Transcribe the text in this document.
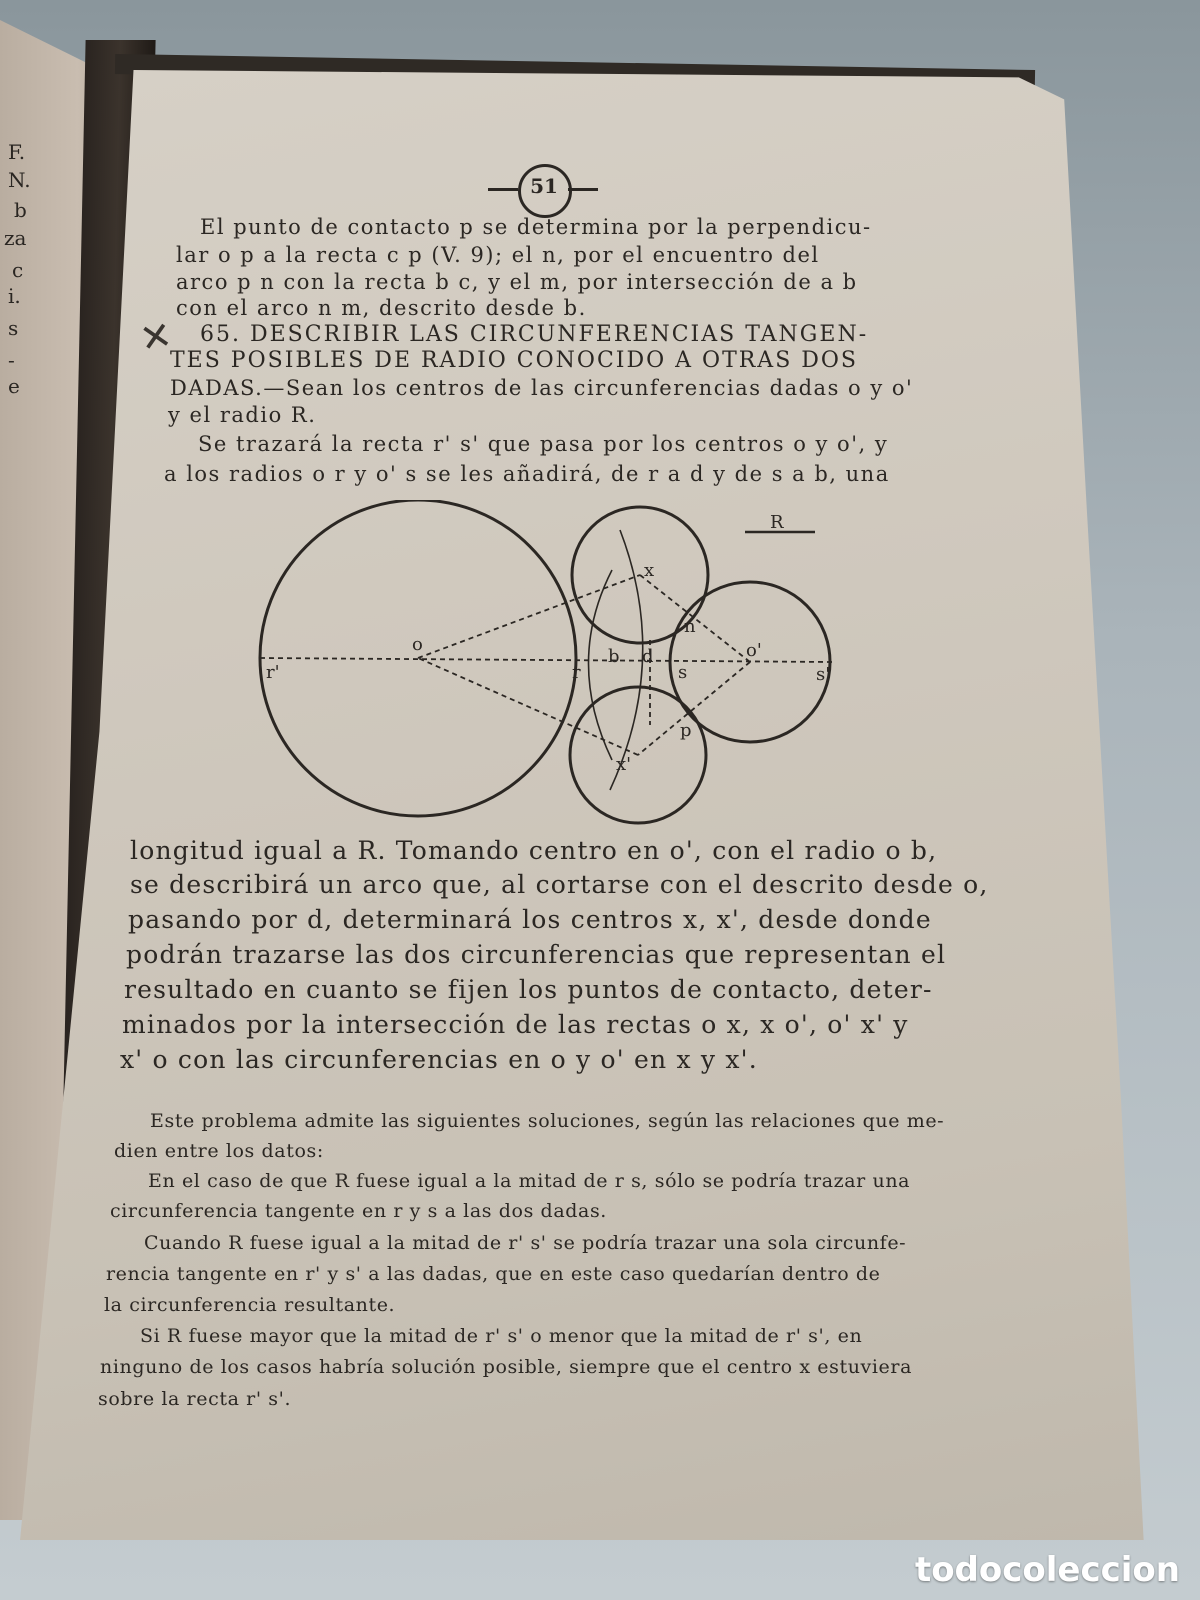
F.
N.
b
za
c
i.
s
-
e
51
El punto de contacto p se determina por la perpendicu-
lar o p a la recta c p (V. 9); el n, por el encuentro del
arco p n con la recta b c, y el m, por intersección de a b
con el arco n m, descrito desde b.
✕ 65. DESCRIBIR LAS CIRCUNFERENCIAS TANGEN-
TES POSIBLES DE RADIO CONOCIDO A OTRAS DOS
DADAS.—Sean los centros de las circunferencias dadas o y o'
y el radio R.
Se trazará la recta r' s' que pasa por los centros o y o', y
a los radios o r y o' s se les añadirá, de r a d y de s a b, una
R
o	o'
r'	r
b d
s	s'
x
x'
n
p
longitud igual a R. Tomando centro en o', con el radio o b,
se describirá un arco que, al cortarse con el descrito desde o,
pasando por d, determinará los centros x, x', desde donde
podrán trazarse las dos circunferencias que representan el
resultado en cuanto se fijen los puntos de contacto, deter-
minados por la intersección de las rectas o x, x o', o' x' y
x' o con las circunferencias en o y o' en x y x'.
Este problema admite las siguientes soluciones, según las relaciones que me-
dien entre los datos:
En el caso de que R fuese igual a la mitad de r s, sólo se podría trazar una
circunferencia tangente en r y s a las dos dadas.
Cuando R fuese igual a la mitad de r' s' se podría trazar una sola circunfe-
rencia tangente en r' y s' a las dadas, que en este caso quedarían dentro de
la circunferencia resultante.
Si R fuese mayor que la mitad de r' s' o menor que la mitad de r' s', en
ninguno de los casos habría solución posible, siempre que el centro x estuviera
sobre la recta r' s'.
todocoleccion
